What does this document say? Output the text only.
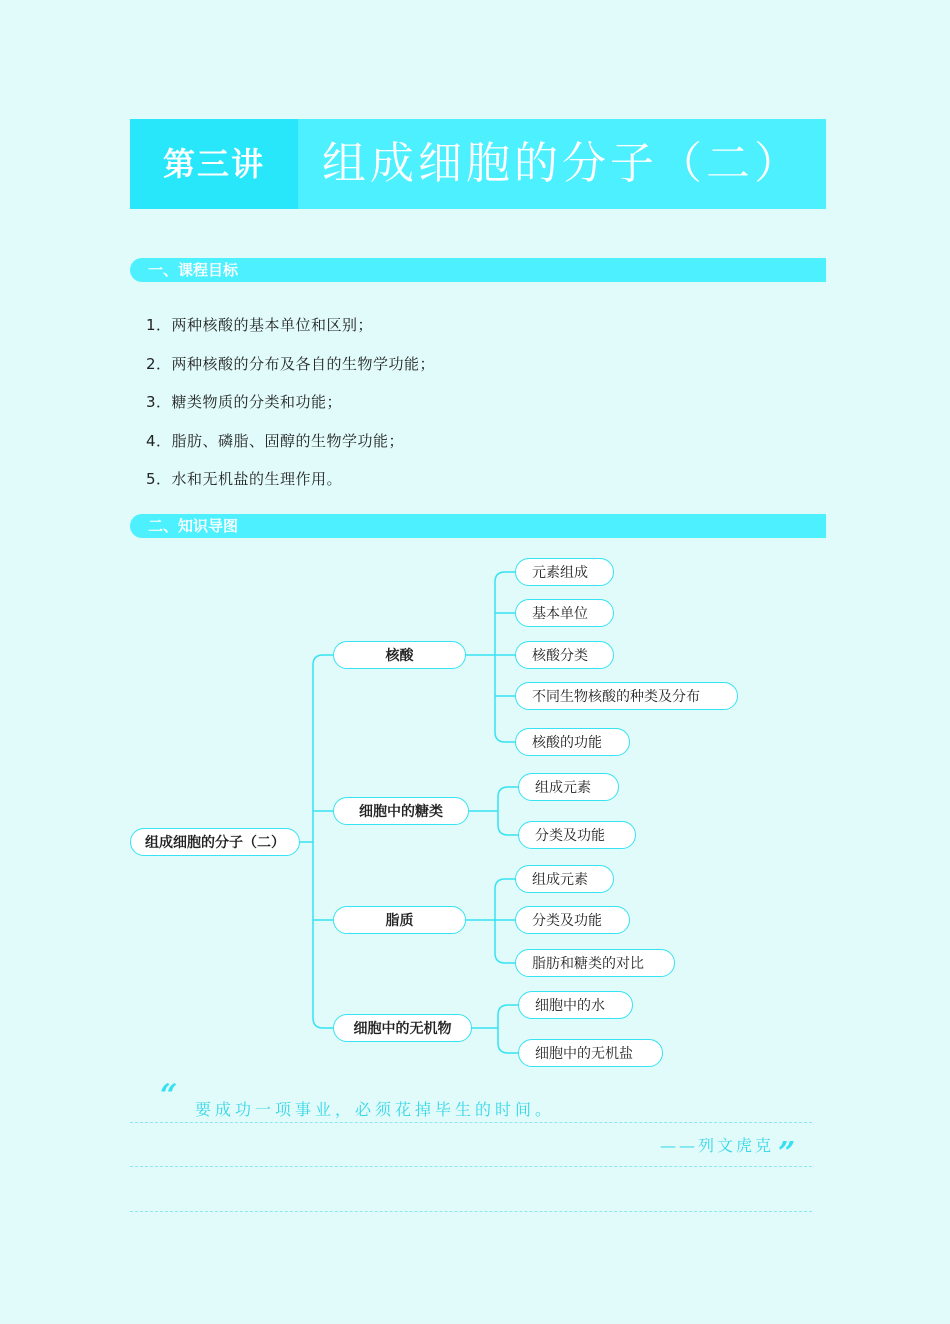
第三讲	组成细胞的分子（二）
一、课程目标
1．两种核酸的基本单位和区别；
2．两种核酸的分布及各自的生物学功能；
3．糖类物质的分类和功能；
4．脂肪、磷脂、固醇的生物学功能；
5．水和无机盐的生理作用。
二、知识导图
组成细胞的分子（二）
核酸
细胞中的糖类
脂质
细胞中的无机物
元素组成
基本单位
核酸分类
不同生物核酸的种类及分布
核酸的功能
组成元素
分类及功能
组成元素
分类及功能
脂肪和糖类的对比
细胞中的水
细胞中的无机盐
“ 要成功一项事业，必须花掉毕生的时间。
——列文虎克 ”
